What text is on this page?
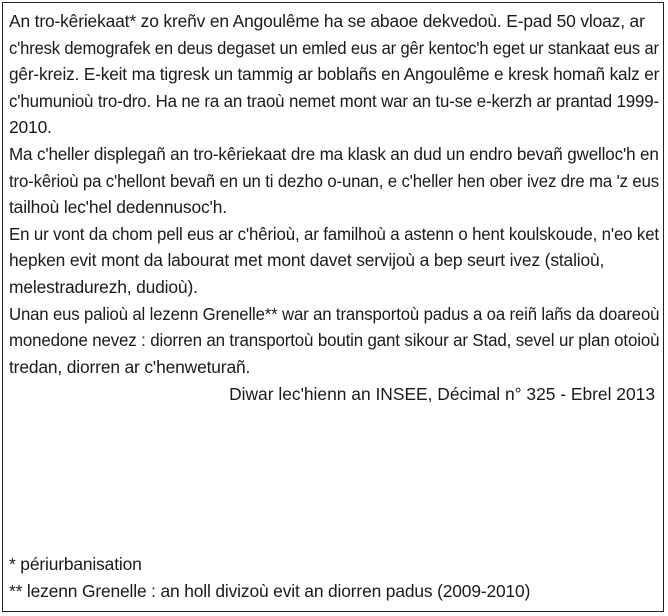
An tro-kêriekaat* zo kreñv en Angoulême ha se abaoe dekvedoù. E-pad 50 vloaz, ar
c'hresk demografek en deus degaset un emled eus ar gêr kentoc'h eget ur stankaat eus ar
gêr-kreiz. E-keit ma tigresk un tammig ar boblañs en Angoulême e kresk homañ kalz er
c'humunioù tro-dro. Ha ne ra an traoù nemet mont war an tu-se e-kerzh ar prantad 1999-
2010.
Ma c'heller displegañ an tro-kêriekaat dre ma klask an dud un endro bevañ gwelloc'h en
tro-kêrioù pa c'hellont bevañ en un ti dezho o-unan, e c'heller hen ober ivez dre ma 'z eus
tailhoù lec'hel dedennusoc'h.
En ur vont da chom pell eus ar c'hêrioù, ar familhoù a astenn o hent koulskoude, n'eo ket
hepken evit mont da labourat met mont davet servijoù a bep seurt ivez (staliоù,
melestradurezh, dudioù).
Unan eus palioù al lezenn Grenelle** war an transportoù padus a oa reiñ lañs da doareoù
monedone nevez : diorren an transportoù boutin gant sikour ar Stad, sevel ur plan otoioù
tredan, diorren ar c'henweturañ.
Diwar lec'hienn an INSEE, Décimal n° 325 - Ebrel 2013
* périurbanisation
** lezenn Grenelle : an holl divizoù evit an diorren padus (2009-2010)
